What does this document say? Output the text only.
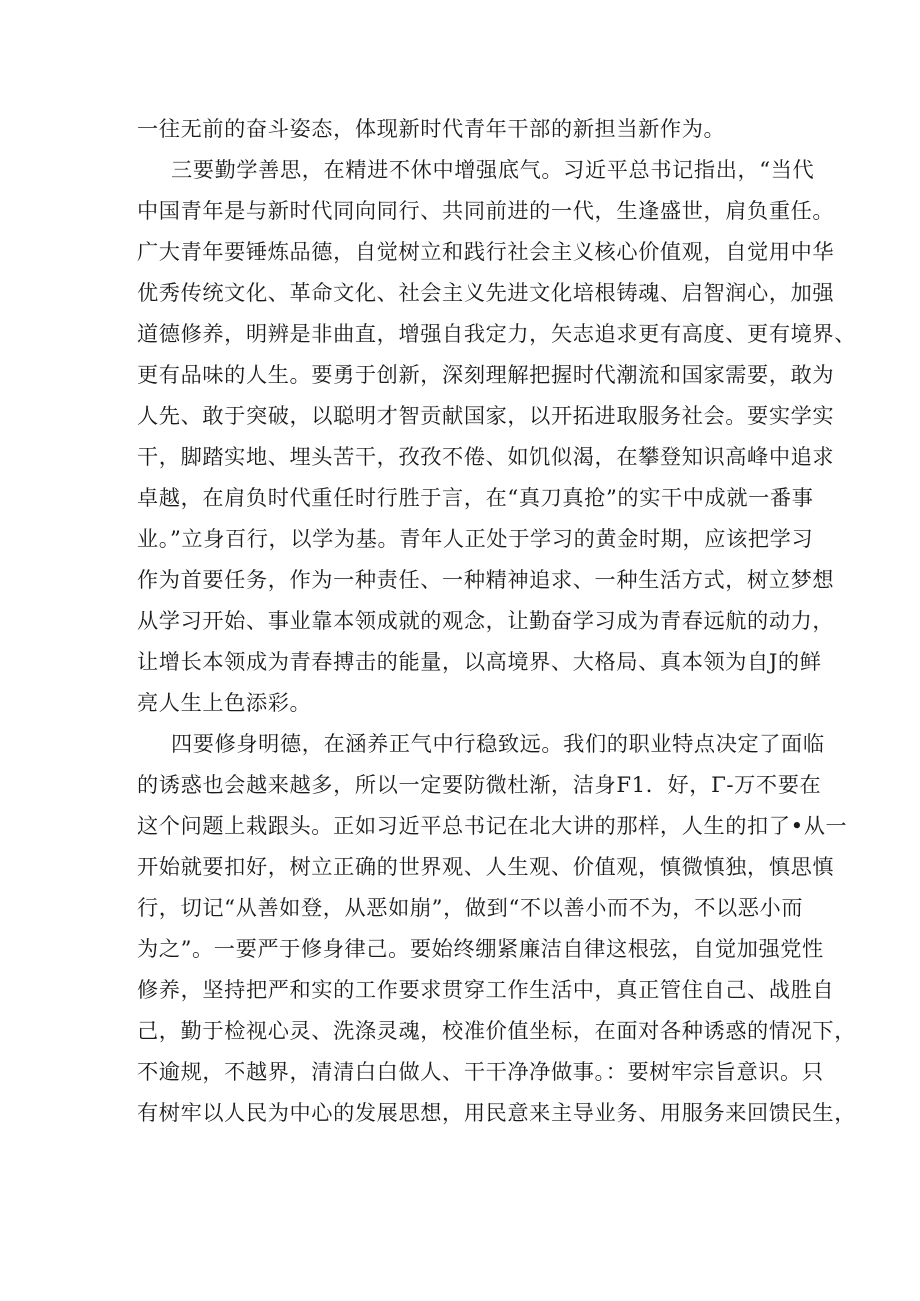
一往无前的奋斗姿态，体现新时代青年干部的新担当新作为。
三要勤学善思，在精进不休中增强底气。习近平总书记指出，“当代
中国青年是与新时代同向同行、共同前进的一代，生逢盛世，肩负重任。
广大青年要锤炼品德，自觉树立和践行社会主义核心价值观，自觉用中华
优秀传统文化、革命文化、社会主义先进文化培根铸魂、启智润心，加强
道德修养，明辨是非曲直，增强自我定力，矢志追求更有高度、更有境界、
更有品味的人生。要勇于创新，深刻理解把握时代潮流和国家需要，敢为
人先、敢于突破，以聪明才智贡献国家，以开拓进取服务社会。要实学实
干，脚踏实地、埋头苦干，孜孜不倦、如饥似渴，在攀登知识高峰中追求
卓越，在肩负时代重任时行胜于言，在“真刀真抢”的实干中成就一番事
业。”立身百行，以学为基。青年人正处于学习的黄金时期，应该把学习
作为首要任务，作为一种责任、一种精神追求、一种生活方式，树立梦想
从学习开始、事业靠本领成就的观念，让勤奋学习成为青春远航的动力，
让增长本领成为青春搏击的能量，以高境界、大格局、真本领为自J的鲜
亮人生上色添彩。
四要修身明德，在涵养正气中行稳致远。我们的职业特点决定了面临
的诱惑也会越来越多，所以一定要防微杜渐，洁身F1．好，Γ-万不要在
这个问题上栽跟头。正如习近平总书记在北大讲的那样，人生的扣了•从一
开始就要扣好，树立正确的世界观、人生观、价值观，慎微慎独，慎思慎
行，切记“从善如登，从恶如崩”，做到“不以善小而不为，不以恶小而
为之”。一要严于修身律己。要始终绷紧廉洁自律这根弦，自觉加强党性
修养，坚持把严和实的工作要求贯穿工作生活中，真正管住自己、战胜自
己，勤于检视心灵、洗涤灵魂，校准价值坐标，在面对各种诱惑的情况下，
不逾规，不越界，清清白白做人、干干净净做事。：要树牢宗旨意识。只
有树牢以人民为中心的发展思想，用民意来主导业务、用服务来回馈民生，
